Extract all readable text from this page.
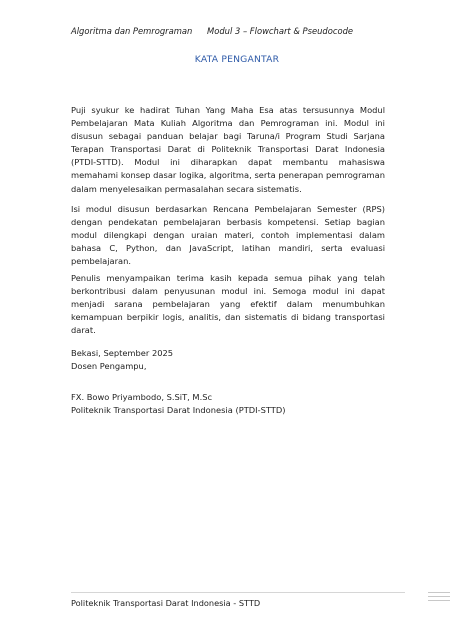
Algoritma dan Pemrograman Modul 3 – Flowchart & Pseudocode
KATA PENGANTAR
Puji syukur ke hadirat Tuhan Yang Maha Esa atas tersusunnya Modul Pembelajaran Mata Kuliah Algoritma dan Pemrograman ini. Modul ini disusun sebagai panduan belajar bagi Taruna/i Program Studi Sarjana Terapan Transportasi Darat di Politeknik Transportasi Darat Indonesia (PTDI-STTD). Modul ini diharapkan dapat membantu mahasiswa memahami konsep dasar logika, algoritma, serta penerapan pemrograman dalam menyelesaikan permasalahan secara sistematis.
Isi modul disusun berdasarkan Rencana Pembelajaran Semester (RPS) dengan pendekatan pembelajaran berbasis kompetensi. Setiap bagian modul dilengkapi dengan uraian materi, contoh implementasi dalam bahasa C, Python, dan JavaScript, latihan mandiri, serta evaluasi pembelajaran.
Penulis menyampaikan terima kasih kepada semua pihak yang telah berkontribusi dalam penyusunan modul ini. Semoga modul ini dapat menjadi sarana pembelajaran yang efektif dalam menumbuhkan kemampuan berpikir logis, analitis, dan sistematis di bidang transportasi darat.
Bekasi, September 2025
Dosen Pengampu,
FX. Bowo Priyambodo, S.SiT, M.Sc
Politeknik Transportasi Darat Indonesia (PTDI-STTD)
Politeknik Transportasi Darat Indonesia - STTD
